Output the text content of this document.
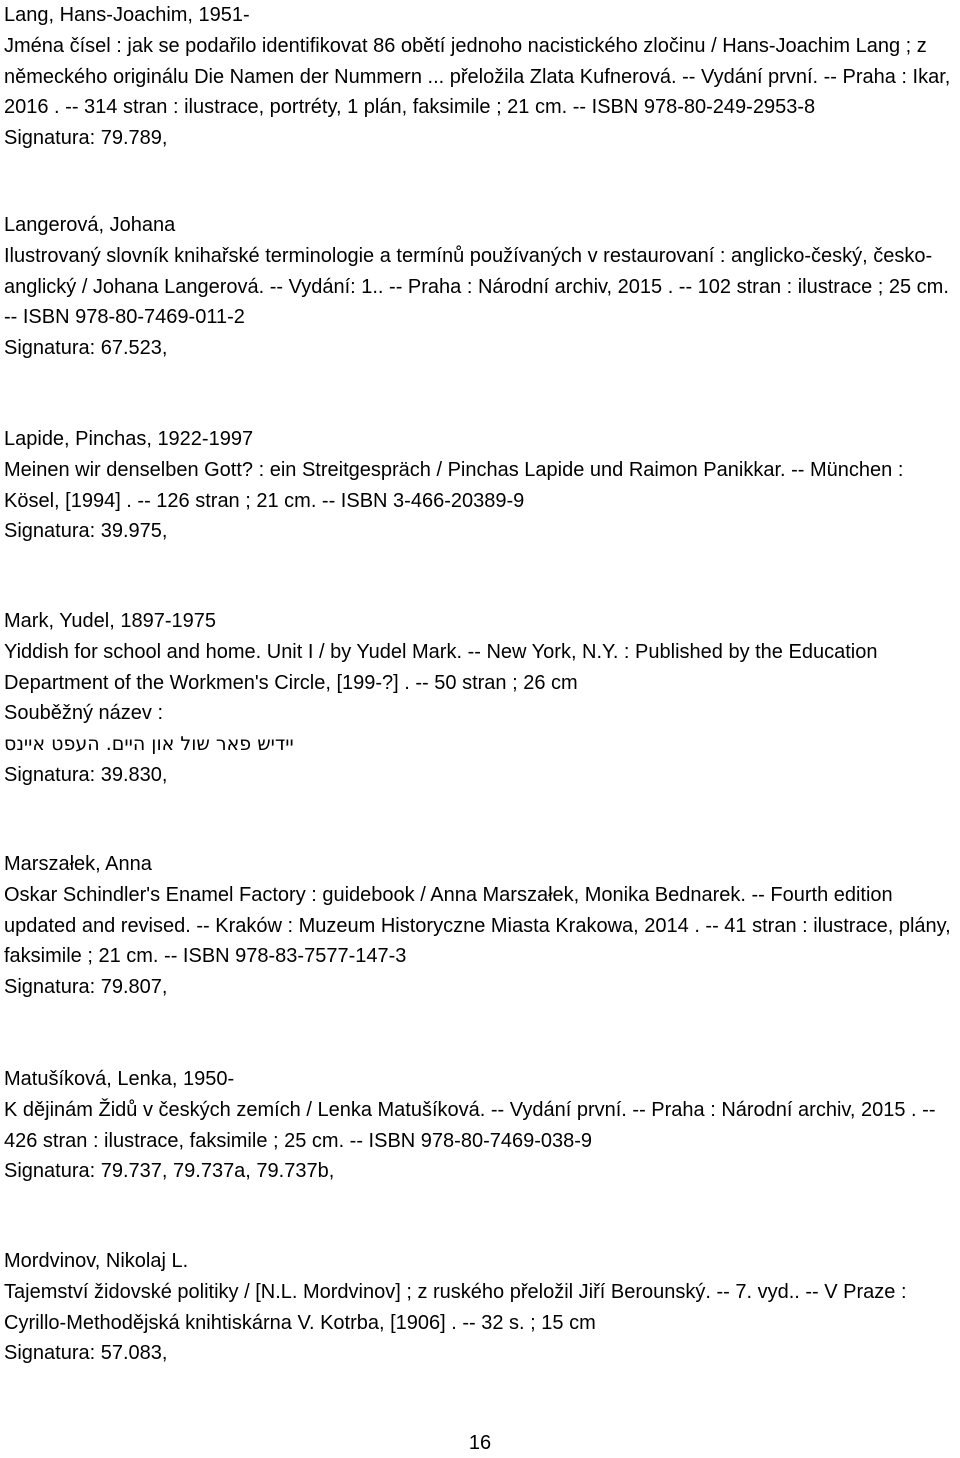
Lang, Hans-Joachim, 1951-
Jména čísel : jak se podařilo identifikovat 86 obětí jednoho nacistického zločinu / Hans-Joachim Lang ; z německého originálu Die Namen der Nummern ... přeložila Zlata Kufnerová. -- Vydání první. -- Praha : Ikar, 2016 . -- 314 stran : ilustrace, portréty, 1 plán, faksimile ; 21 cm. -- ISBN 978-80-249-2953-8
Signatura: 79.789,
Langerová, Johana
Ilustrovaný slovník knihařské terminologie a termínů používaných v restaurovaní : anglicko-český, česko-anglický / Johana Langerová. -- Vydání: 1.. -- Praha : Národní archiv, 2015 . -- 102 stran : ilustrace ; 25 cm. -- ISBN 978-80-7469-011-2
Signatura: 67.523,
Lapide, Pinchas, 1922-1997
Meinen wir denselben Gott? : ein Streitgespräch / Pinchas Lapide und Raimon Panikkar. -- München : Kösel, [1994] . -- 126 stran ; 21 cm. -- ISBN 3-466-20389-9
Signatura: 39.975,
Mark, Yudel, 1897-1975
Yiddish for school and home. Unit I / by Yudel Mark. -- New York, N.Y. : Published by the Education Department of the Workmen's Circle, [199-?] . -- 50 stran ; 26 cm
Souběžný název :
יידיש פאר שול און היים. העפט איינס
Signatura: 39.830,
Marszałek, Anna
Oskar Schindler's Enamel Factory : guidebook / Anna Marszałek, Monika Bednarek. -- Fourth edition updated and revised. -- Kraków : Muzeum Historyczne Miasta Krakowa, 2014 . -- 41 stran : ilustrace, plány, faksimile ; 21 cm. -- ISBN 978-83-7577-147-3
Signatura: 79.807,
Matušíková, Lenka, 1950-
K dějinám Židů v českých zemích / Lenka Matušíková. -- Vydání první. -- Praha : Národní archiv, 2015 . -- 426 stran : ilustrace, faksimile ; 25 cm. -- ISBN 978-80-7469-038-9
Signatura: 79.737, 79.737a, 79.737b,
Mordvinov, Nikolaj L.
Tajemství židovské politiky / [N.L. Mordvinov] ; z ruského přeložil Jiří Berounský. -- 7. vyd.. -- V Praze : Cyrillo-Methodějská knihtiskárna V. Kotrba, [1906] . -- 32 s. ; 15 cm
Signatura: 57.083,
16
